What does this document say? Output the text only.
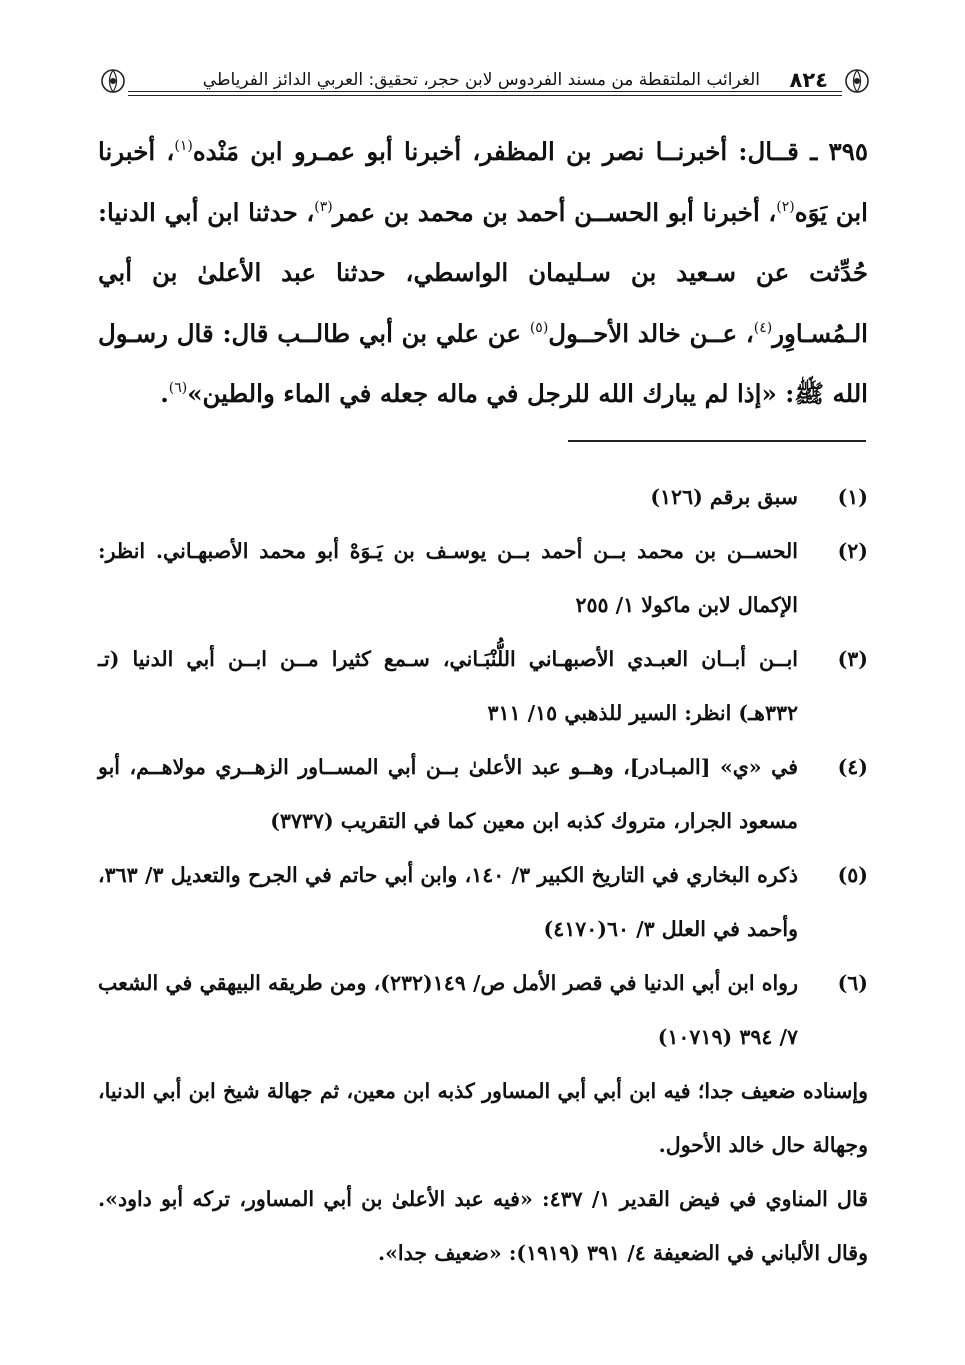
٨٢٤
الغرائب الملتقطة من مسند الفردوس لابن حجر، تحقيق: العربي الدائز الفرياطي

٣٩٥ ـ قــال: أخبرنــا نصر بن المظفر، أخبرنا أبو عمـرو ابن مَنْده$^{(١)}$، أخبرنا ابن يَوَه$^{(٢)}$، أخبرنا أبو الحســن أحمد بن محمد بن عمر$^{(٣)}$، حدثنا ابن أبي الدنيا: حُدِّثت عن سـعيد بن سـليمان الواسطي، حدثنا عبد الأعلىٰ بن أبي الـمُسـاوِر$^{(٤)}$، عــن خالد الأحــول$^{(٥)}$ عن علي بن أبي طالــب قال: قال رسـول الله ﷺ: «إذا لم يبارك الله للرجل في ماله جعله في الماء والطين»$^{(٦)}$.

(١)
سبق برقم (١٢٦)
(٢)
الحســن بن محمد بــن أحمد بــن يوسـف بن يَـوَهْ أبو محمد الأصبهـاني. انظر: الإكمال لابن ماكولا ١/ ٢٥٥
(٣)
ابــن أبــان العبـدي الأصبهـاني اللُّنْبَـاني، سـمع كثيرا مــن ابــن أبي الدنيا (تـ ٣٣٢هـ) انظر: السير للذهبي ١٥/ ٣١١
(٤)
في «ي» [المبـادر]، وهــو عبد الأعلىٰ بــن أبي المســاور الزهــري مولاهــم، أبو مسعود الجرار، متروك كذبه ابن معين كما في التقريب (٣٧٣٧)
(٥)
ذكره البخاري في التاريخ الكبير ٣/ ١٤٠، وابن أبي حاتم في الجرح والتعديل ٣/ ٣٦٣، وأحمد في العلل ٣/ ٦٠(٤١٧٠)
(٦)
رواه ابن أبي الدنيا في قصر الأمل ص/ ١٤٩(٢٣٢)، ومن طريقه البيهقي في الشعب ٧/ ٣٩٤ (١٠٧١٩)
وإسناده ضعيف جدا؛ فيه ابن أبي أبي المساور كذبه ابن معين، ثم جهالة شيخ ابن أبي الدنيا، وجهالة حال خالد الأحول.
قال المناوي في فيض القدير ١/ ٤٣٧: «فيه عبد الأعلىٰ بن أبي المساور، تركه أبو داود». وقال الألباني في الضعيفة ٤/ ٣٩١ (١٩١٩): «ضعيف جدا».
